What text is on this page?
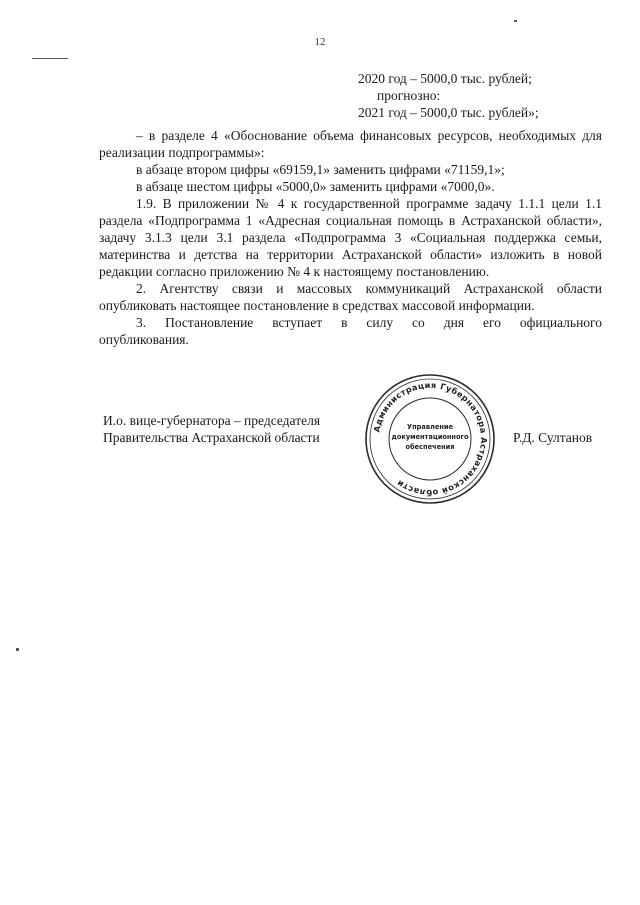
12
2020 год – 5000,0 тыс. рублей;
прогнозно:
2021 год – 5000,0 тыс. рублей»;
– в разделе 4 «Обоснование объема финансовых ресурсов, необходимых для реализации подпрограммы»:
в абзаце втором цифры «69159,1» заменить цифрами «71159,1»;
в абзаце шестом цифры «5000,0» заменить цифрами «7000,0».
1.9. В приложении № 4 к государственной программе задачу 1.1.1 цели 1.1 раздела «Подпрограмма 1 «Адресная социальная помощь в Астраханской области», задачу 3.1.3 цели 3.1 раздела «Подпрограмма 3 «Социальная поддержка семьи, материнства и детства на территории Астраханской области» изложить в новой редакции согласно приложению № 4 к настоящему постановлению.
2. Агентству связи и массовых коммуникаций Астраханской области опубликовать настоящее постановление в средствах массовой информации.
3. Постановление вступает в силу со дня его официального
опубликования.
И.о. вице-губернатора – председателя
Правительства Астраханской области
Администрация Губернатора Астраханской области
Управление
документационного
обеспечения
Р.Д. Султанов
